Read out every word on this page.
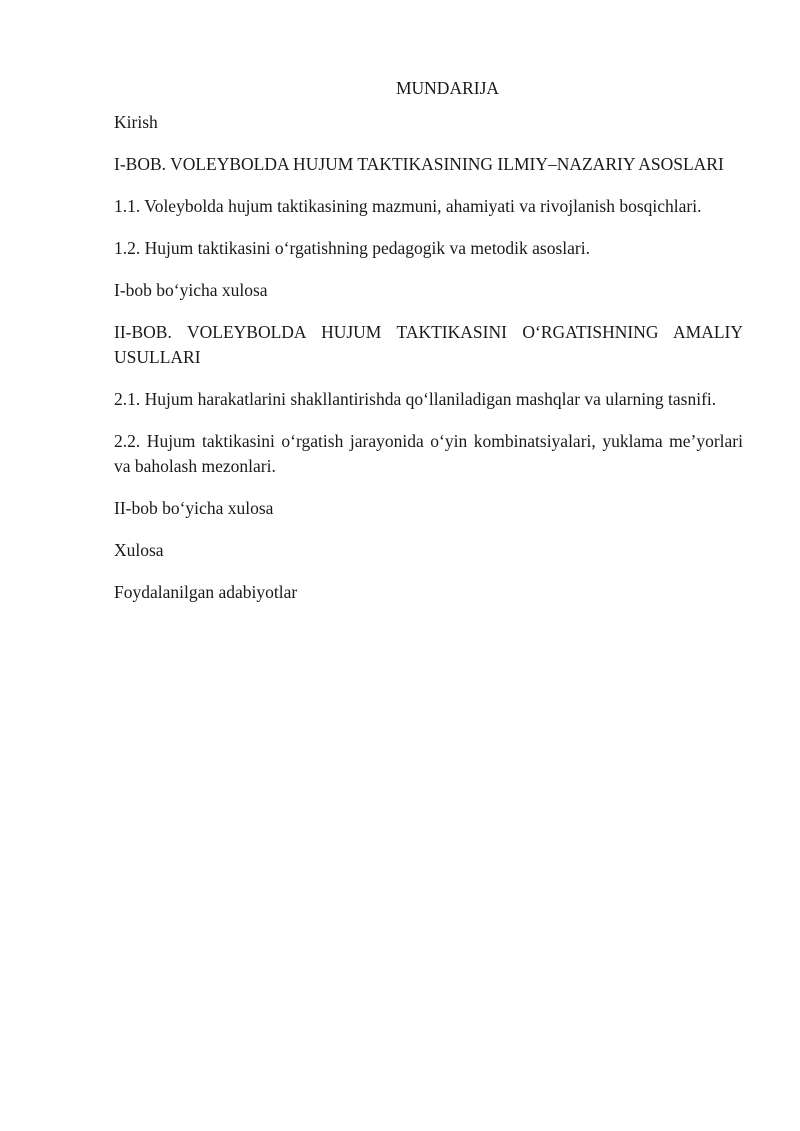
MUNDARIJA
Kirish
I-BOB. VOLEYBOLDA HUJUM TAKTIKASINING ILMIY–NAZARIY ASOSLARI
1.1. Voleybolda hujum taktikasining mazmuni, ahamiyati va rivojlanish bosqichlari.
1.2. Hujum taktikasini o‘rgatishning pedagogik va metodik asoslari.
I-bob bo‘yicha xulosa
II-BOB. VOLEYBOLDA HUJUM TAKTIKASINI O‘RGATISHNING AMALIY USULLARI
2.1. Hujum harakatlarini shakllantirishda qo‘llaniladigan mashqlar va ularning tasnifi.
2.2. Hujum taktikasini o‘rgatish jarayonida o‘yin kombinatsiyalari, yuklama me’yorlari va baholash mezonlari.
II-bob bo‘yicha xulosa
Xulosa
Foydalanilgan adabiyotlar
